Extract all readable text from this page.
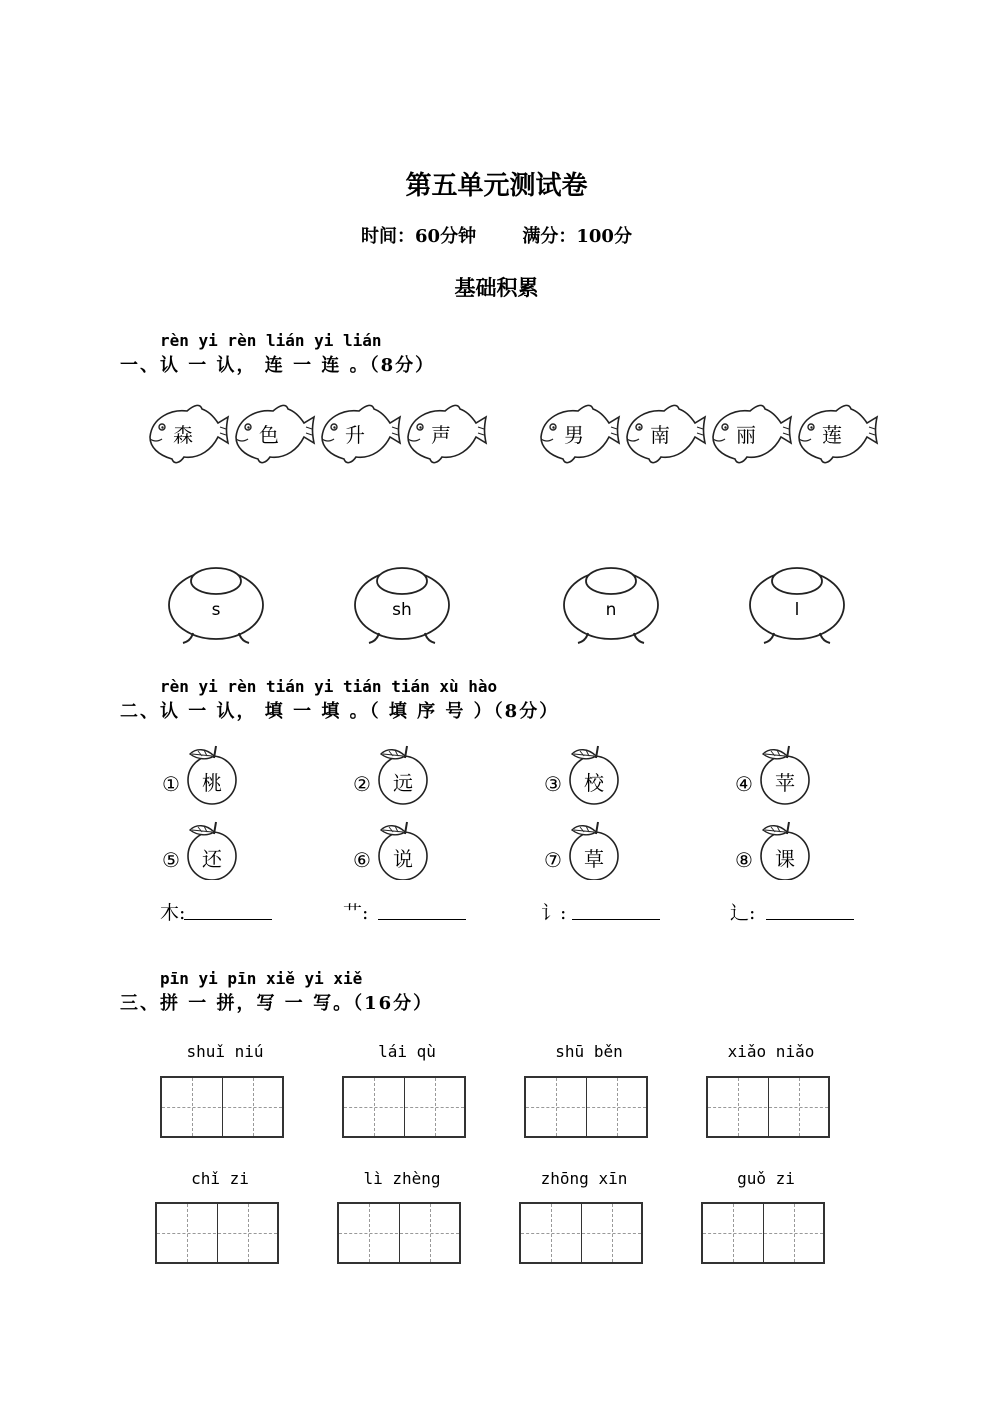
第五单元测试卷
时间：60分钟	满分：100分
基础积累
rèn yi rèn lián yi lián
一、认 一 认， 连 一 连 。（8分）
森	色	升	声	男	南	丽	莲
s	sh	n	l
rèn yi rèn tián yi tián tián xù hào
二、认 一 认， 填 一 填 。（ 填 序 号 ）（8分）
①	②	③	④
⑤	⑥	⑦	⑧
桃	远	校	苹
还	说	草	课
木:	艹:	讠:	辶:
pīn yi pīn xiě yi xiě
三、拼 一 拼，写 一 写。（16分）
shuǐ niú	lái qù	shū běn	xiǎo niǎo
chǐ zi	lì zhèng	zhōng xīn	guǒ zi
